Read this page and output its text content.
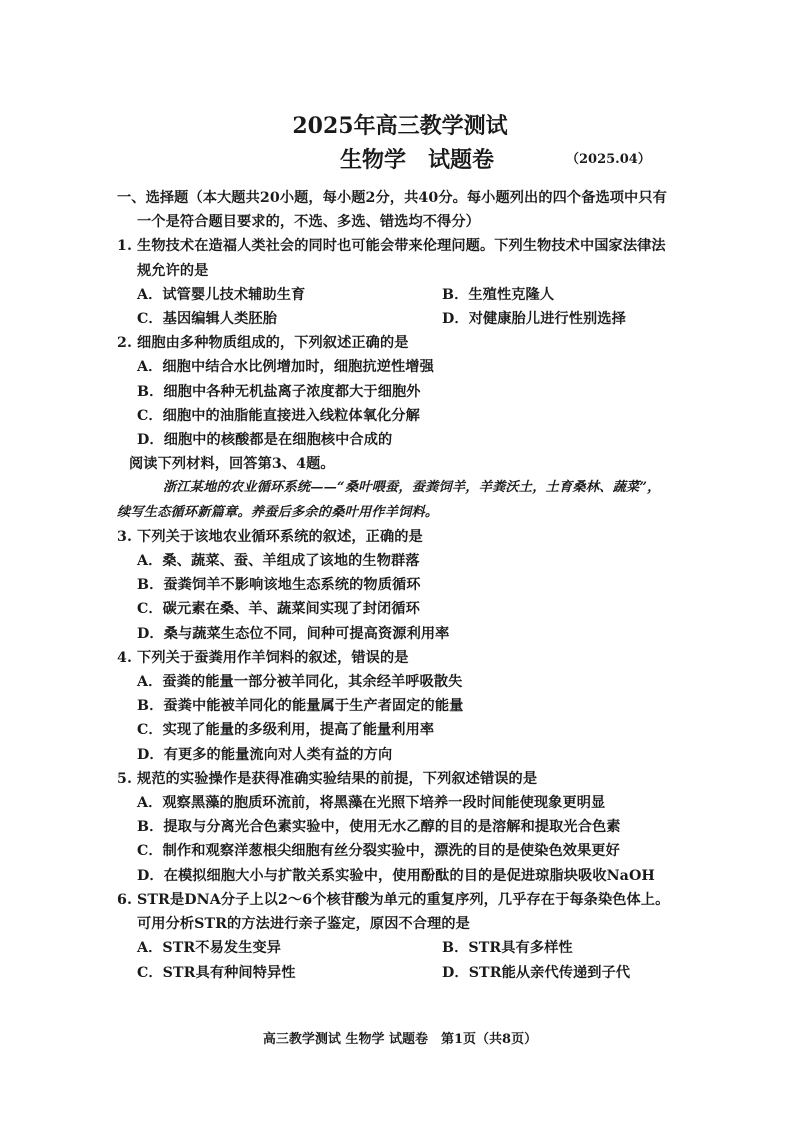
2025年高三教学测试
生物学　试题卷	（2025.04）
一、选择题（本大题共20小题，每小题2分，共40分。每小题列出的四个备选项中只有
一个是符合题目要求的，不选、多选、错选均不得分）
1. 生物技术在造福人类社会的同时也可能会带来伦理问题。下列生物技术中国家法律法
规允许的是
A．试管婴儿技术辅助生育	B．生殖性克隆人
C．基因编辑人类胚胎	D．对健康胎儿进行性别选择
2. 细胞由多种物质组成的，下列叙述正确的是
A．细胞中结合水比例增加时，细胞抗逆性增强
B．细胞中各种无机盐离子浓度都大于细胞外
C．细胞中的油脂能直接进入线粒体氧化分解
D．细胞中的核酸都是在细胞核中合成的
阅读下列材料，回答第3、4题。
浙江某地的农业循环系统——“桑叶喂蚕，蚕粪饲羊，羊粪沃土，土育桑林、蔬菜”，
续写生态循环新篇章。养蚕后多余的桑叶用作羊饲料。
3. 下列关于该地农业循环系统的叙述，正确的是
A．桑、蔬菜、蚕、羊组成了该地的生物群落
B．蚕粪饲羊不影响该地生态系统的物质循环
C．碳元素在桑、羊、蔬菜间实现了封闭循环
D．桑与蔬菜生态位不同，间种可提高资源利用率
4. 下列关于蚕粪用作羊饲料的叙述，错误的是
A．蚕粪的能量一部分被羊同化，其余经羊呼吸散失
B．蚕粪中能被羊同化的能量属于生产者固定的能量
C．实现了能量的多级利用，提高了能量利用率
D．有更多的能量流向对人类有益的方向
5. 规范的实验操作是获得准确实验结果的前提，下列叙述错误的是
A．观察黑藻的胞质环流前，将黑藻在光照下培养一段时间能使现象更明显
B．提取与分离光合色素实验中，使用无水乙醇的目的是溶解和提取光合色素
C．制作和观察洋葱根尖细胞有丝分裂实验中，漂洗的目的是使染色效果更好
D．在模拟细胞大小与扩散关系实验中，使用酚酞的目的是促进琼脂块吸收NaOH
6. STR是DNA分子上以2～6个核苷酸为单元的重复序列，几乎存在于每条染色体上。
可用分析STR的方法进行亲子鉴定，原因不合理的是
A．STR不易发生变异	B．STR具有多样性
C．STR具有种间特异性	D．STR能从亲代传递到子代
高三教学测试 生物学 试题卷　第1页（共8页）
